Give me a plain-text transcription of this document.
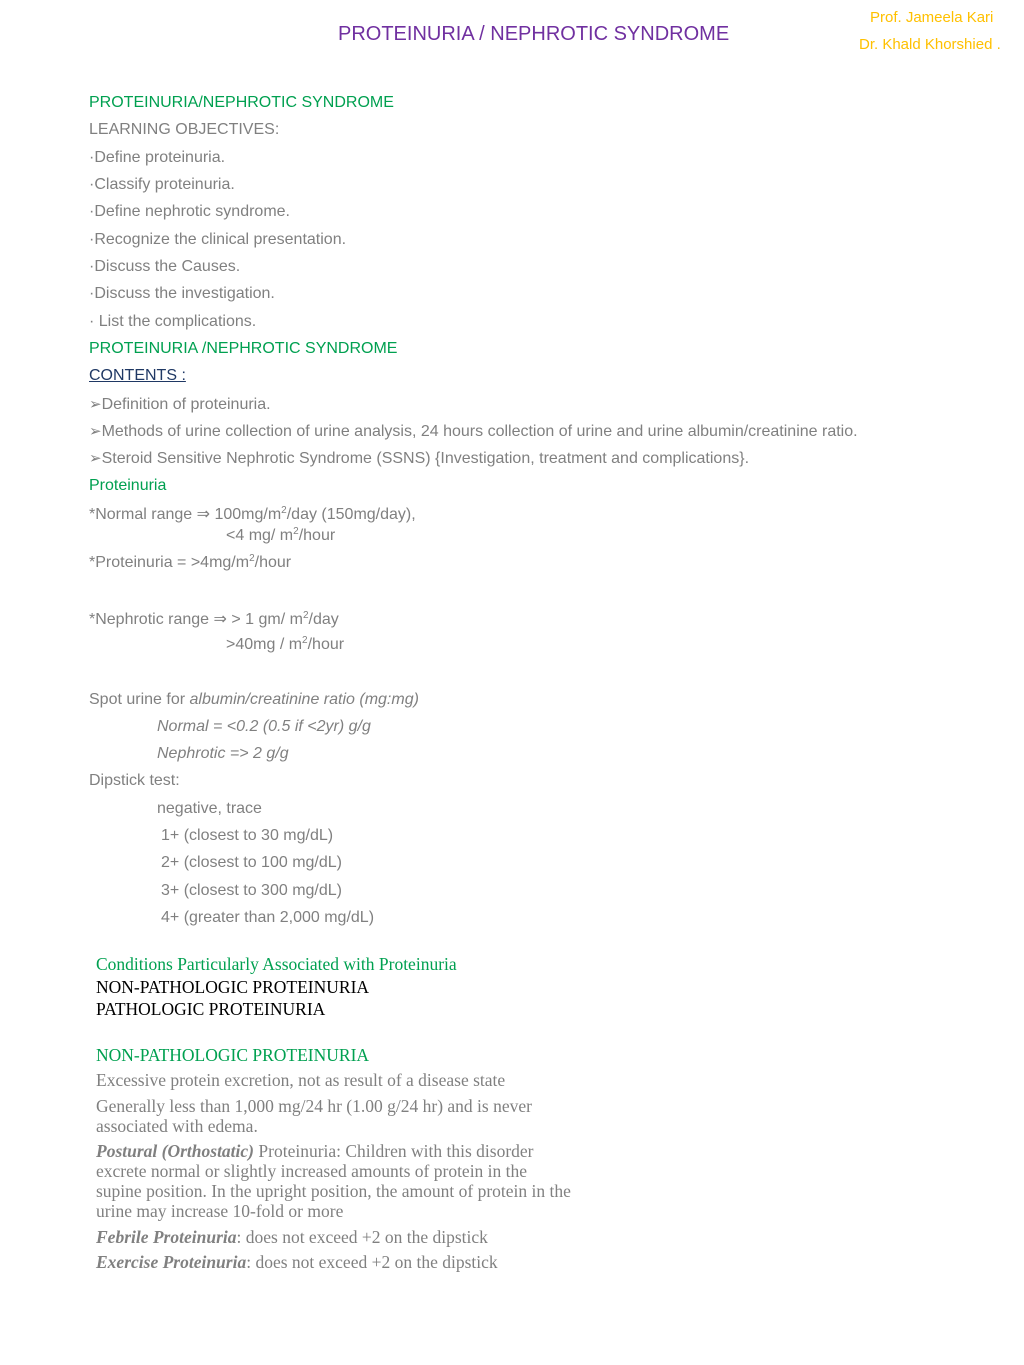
PROTEINURIA / NEPHROTIC SYNDROME
Prof. Jameela Kari
Dr. Khald Khorshied .
PROTEINURIA/NEPHROTIC SYNDROME
LEARNING OBJECTIVES:
·Define proteinuria.
·Classify proteinuria.
·Define nephrotic syndrome.
·Recognize the clinical presentation.
·Discuss the Causes.
·Discuss the investigation.
· List the complications.
PROTEINURIA /NEPHROTIC SYNDROME
CONTENTS :
➢Definition of proteinuria.
➢Methods of urine collection of urine analysis, 24 hours collection of urine and urine albumin/creatinine ratio.
➢Steroid Sensitive Nephrotic Syndrome (SSNS) {Investigation, treatment and complications}.
Proteinuria
*Normal range ⇒ $100mg/m^2$/day (150mg/day),
<4 mg/ $m^2$/hour
*Proteinuria = $>4mg/m^2$/hour
*Nephrotic range ⇒ > 1 gm/ $m^2$/day
$>40mg / m^2$/hour
Spot urine for albumin/creatinine ratio (mg:mg)
Normal = <0.2 (0.5 if <2yr) g/g
Nephrotic => 2 g/g
Dipstick test:
negative, trace
1+ (closest to 30 mg/dL)
2+ (closest to 100 mg/dL)
3+ (closest to 300 mg/dL)
4+ (greater than 2,000 mg/dL)
Conditions Particularly Associated with Proteinuria
NON-PATHOLOGIC PROTEINURIA
PATHOLOGIC PROTEINURIA
NON-PATHOLOGIC PROTEINURIA
Excessive protein excretion, not as result of a disease state
Generally less than 1,000 mg/24 hr (1.00 g/24 hr) and is never associated with edema.
Postural (Orthostatic) Proteinuria: Children with this disorder excrete normal or slightly increased amounts of protein in the supine position. In the upright position, the amount of protein in the urine may increase 10-fold or more
Febrile Proteinuria: does not exceed +2 on the dipstick
Exercise Proteinuria: does not exceed +2 on the dipstick
